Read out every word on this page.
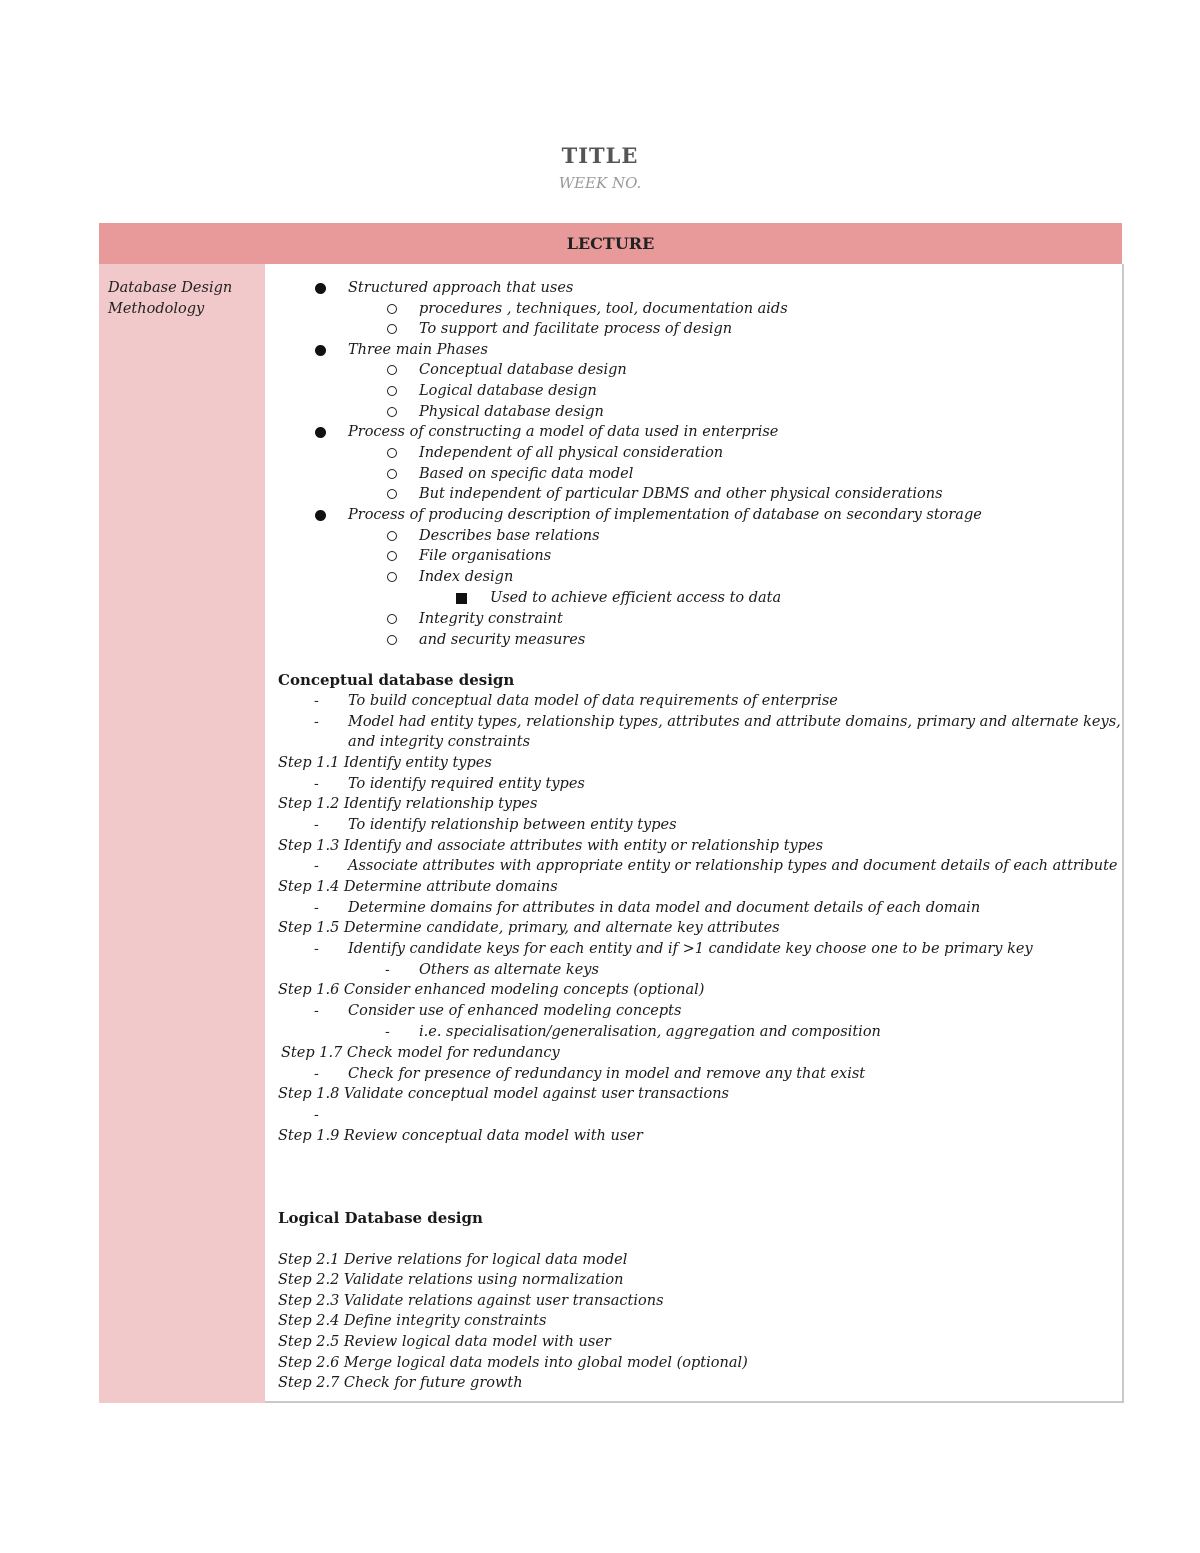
TITLE
WEEK NO.
LECTURE
Database Design Methodology
Structured approach that uses
procedures , techniques, tool, documentation aids
To support and facilitate process of design
Three main Phases
Conceptual database design
Logical database design
Physical database design
Process of constructing a model of data used in enterprise
Independent of all physical consideration
Based on specific data model
But independent of particular DBMS and other physical considerations
Process of producing description of implementation of database on secondary storage
Describes base relations
File organisations
Index design
Used to achieve efficient access to data
Integrity constraint
and security measures
Conceptual database design
- To build conceptual data model of data requirements of enterprise
- Model had entity types, relationship types, attributes and attribute domains, primary and alternate keys,
and integrity constraints
Step 1.1 Identify entity types
- To identify required entity types
Step 1.2 Identify relationship types
- To identify relationship between entity types
Step 1.3 Identify and associate attributes with entity or relationship types
- Associate attributes with appropriate entity or relationship types and document details of each attribute
Step 1.4 Determine attribute domains
- Determine domains for attributes in data model and document details of each domain
Step 1.5 Determine candidate, primary, and alternate key attributes
- Identify candidate keys for each entity and if >1 candidate key choose one to be primary key
- Others as alternate keys
Step 1.6 Consider enhanced modeling concepts (optional)
- Consider use of enhanced modeling concepts
- i.e. specialisation/generalisation, aggregation and composition
Step 1.7 Check model for redundancy
- Check for presence of redundancy in model and remove any that exist
Step 1.8 Validate conceptual model against user transactions
-
Step 1.9 Review conceptual data model with user
Logical Database design
Step 2.1 Derive relations for logical data model
Step 2.2 Validate relations using normalization
Step 2.3 Validate relations against user transactions
Step 2.4 Define integrity constraints
Step 2.5 Review logical data model with user
Step 2.6 Merge logical data models into global model (optional)
Step 2.7 Check for future growth
